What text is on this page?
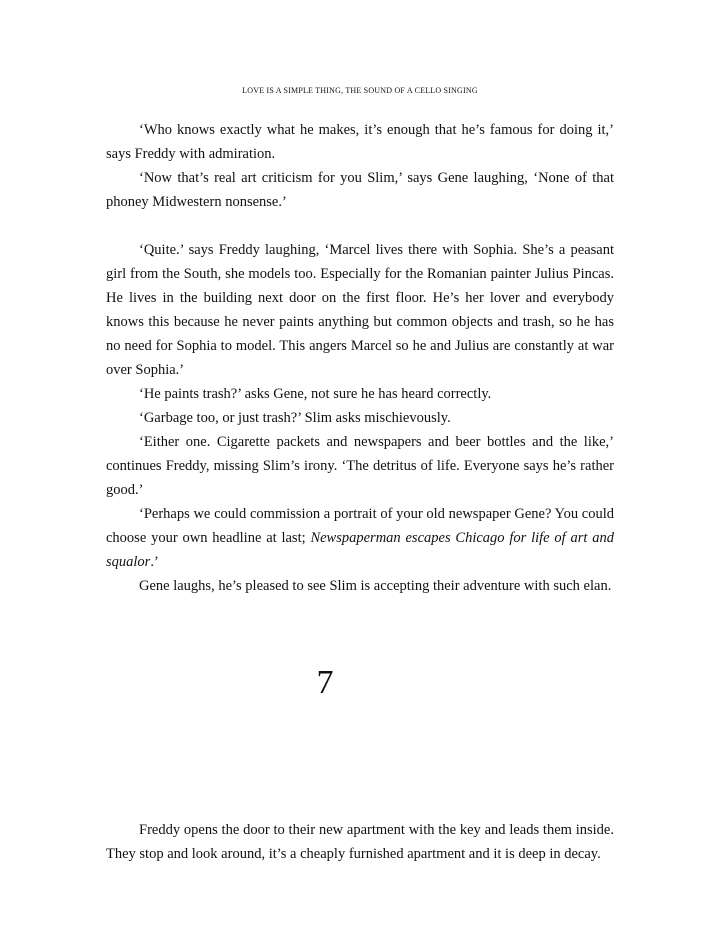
LOVE IS A SIMPLE THING, THE SOUND OF A CELLO SINGING

‘Who knows exactly what he makes, it’s enough that he’s famous for doing it,’ says Freddy with admiration.

‘Now that’s real art criticism for you Slim,’ says Gene laughing, ‘None of that phoney Midwestern nonsense.’

‘Quite.’ says Freddy laughing, ‘Marcel lives there with Sophia. She’s a peasant girl from the South, she models too. Especially for the Romanian painter Julius Pincas. He lives in the building next door on the first floor. He’s her lover and everybody knows this because he never paints anything but common objects and trash, so he has no need for Sophia to model. This angers Marcel so he and Julius are constantly at war over Sophia.’

‘He paints trash?’ asks Gene, not sure he has heard correctly.

‘Garbage too, or just trash?’ Slim asks mischievously.

‘Either one. Cigarette packets and newspapers and beer bottles and the like,’ continues Freddy, missing Slim’s irony. ‘The detritus of life. Everyone says he’s rather good.’

‘Perhaps we could commission a portrait of your old newspaper Gene? You could choose your own headline at last; Newspaperman escapes Chicago for life of art and squalor.’

Gene laughs, he’s pleased to see Slim is accepting their adventure with such elan.

7

Freddy opens the door to their new apartment with the key and leads them inside. They stop and look around, it’s a cheaply furnished apartment and it is deep in decay.
